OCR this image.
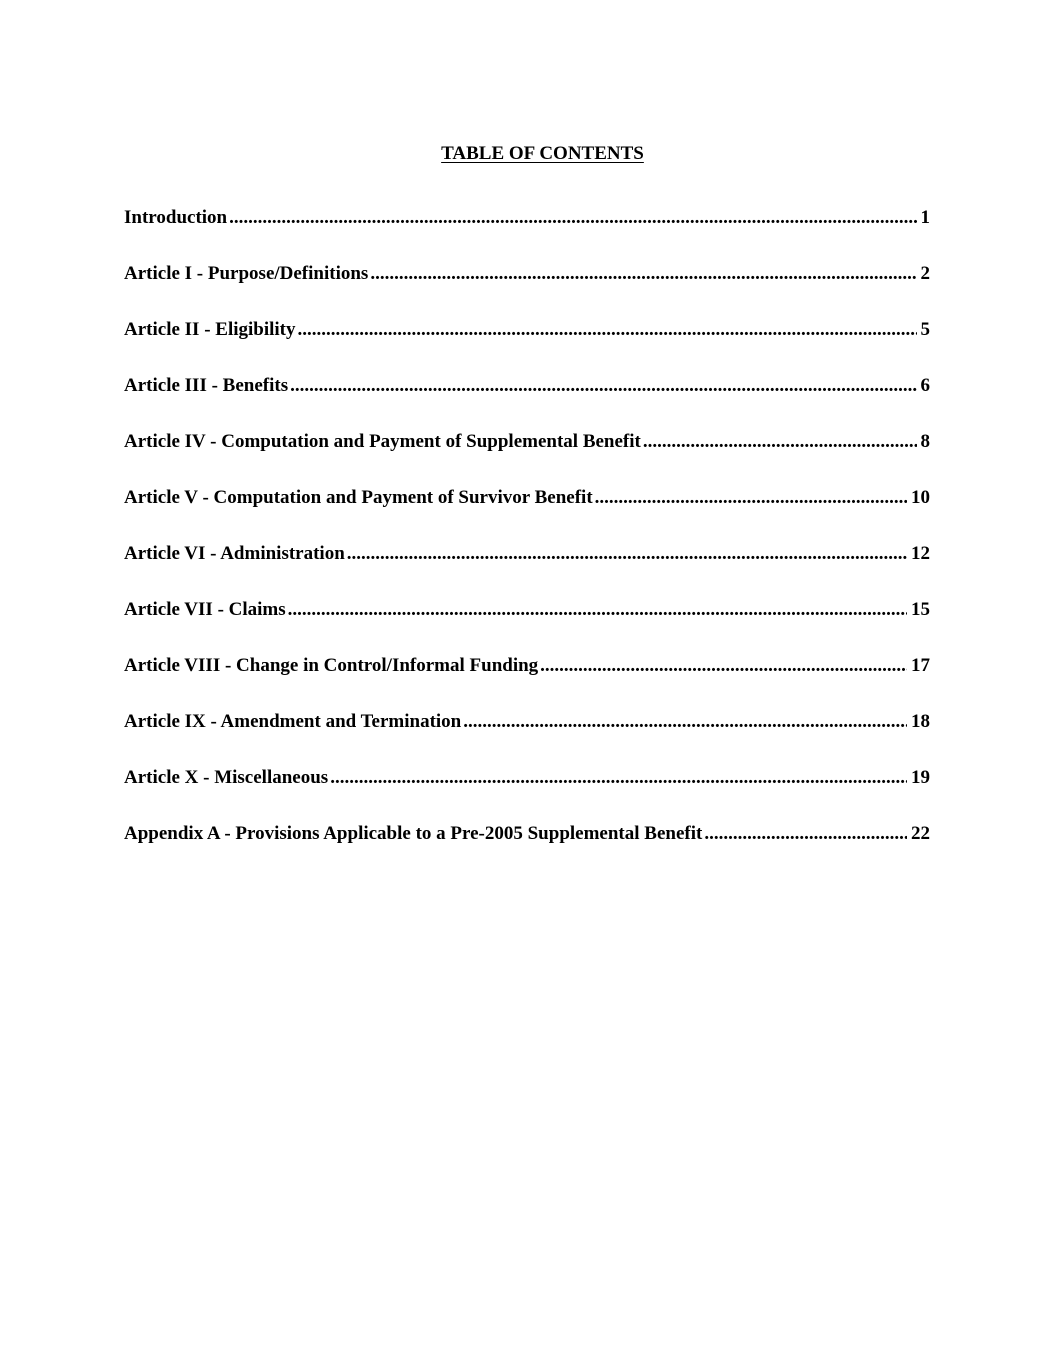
TABLE OF CONTENTS
Introduction .....	1
Article I - Purpose/Definitions .....	2
Article II - Eligibility .....	5
Article III - Benefits .....	6
Article IV - Computation and Payment of Supplemental Benefit .....	8
Article V - Computation and Payment of Survivor Benefit .....	10
Article VI - Administration .....	12
Article VII - Claims .....	15
Article VIII - Change in Control/Informal Funding .....	17
Article IX - Amendment and Termination .....	18
Article X - Miscellaneous .....	19
Appendix A - Provisions Applicable to a Pre-2005 Supplemental Benefit .....	22
